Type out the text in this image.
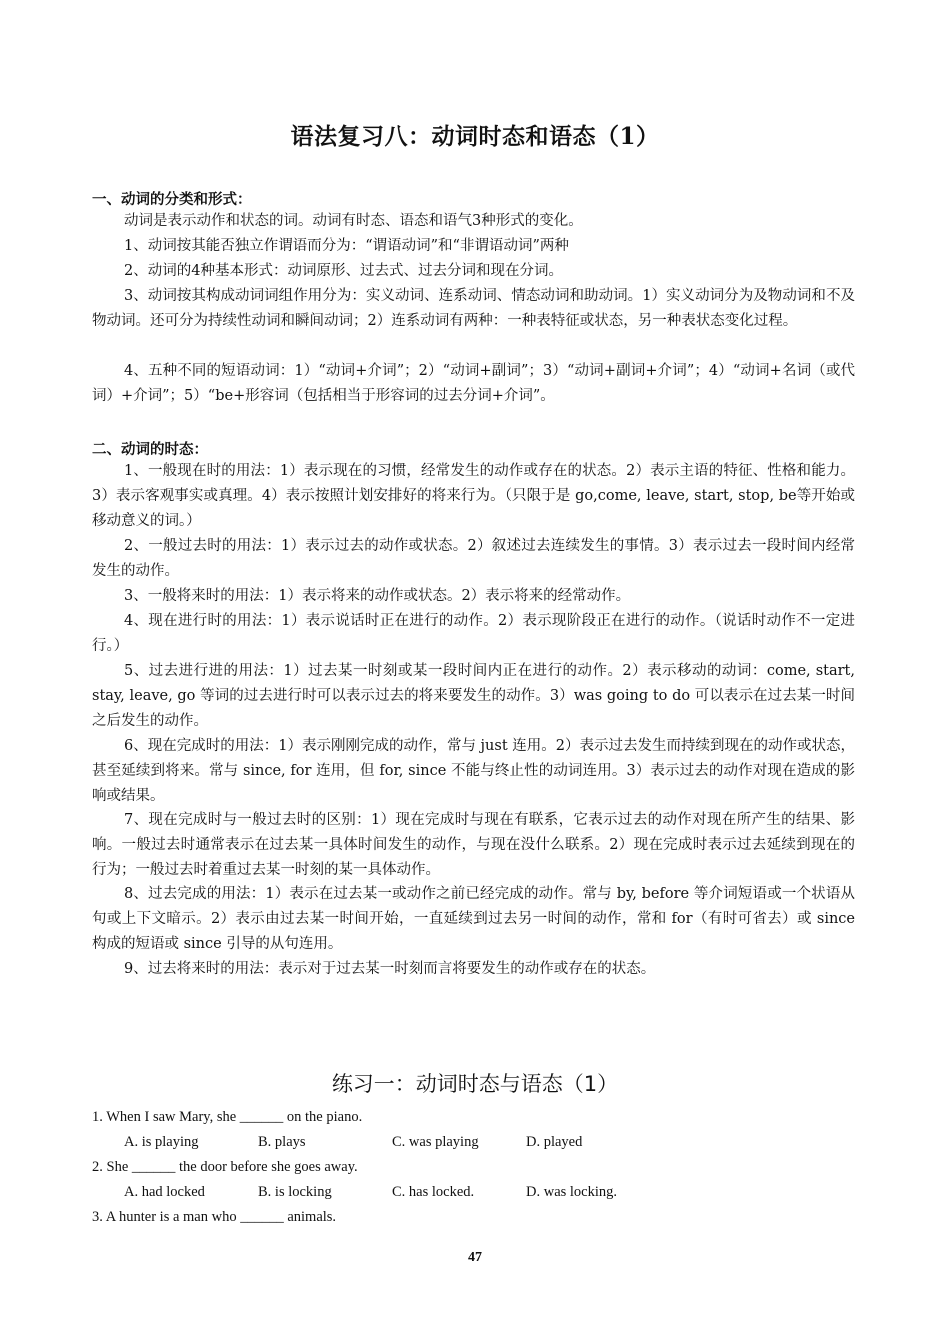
语法复习八：动词时态和语态（1）
一、动词的分类和形式：
动词是表示动作和状态的词。动词有时态、语态和语气3种形式的变化。
1、动词按其能否独立作谓语而分为：“谓语动词”和“非谓语动词”两种
2、动词的4种基本形式：动词原形、过去式、过去分词和现在分词。
3、动词按其构成动词词组作用分为：实义动词、连系动词、情态动词和助动词。1）实义动词分为及物动词和不及物动词。还可分为持续性动词和瞬间动词；2）连系动词有两种：一种表特征或状态，另一种表状态变化过程。
4、五种不同的短语动词：1）“动词+介词”；2）“动词+副词”；3）“动词+副词+介词”；4）“动词+名词（或代词）+介词”；5）“be+形容词（包括相当于形容词的过去分词+介词”。
二、动词的时态：
1、一般现在时的用法：1）表示现在的习惯，经常发生的动作或存在的状态。2）表示主语的特征、性格和能力。3）表示客观事实或真理。4）表示按照计划安排好的将来行为。（只限于是 go,come, leave, start, stop, be等开始或移动意义的词。）
2、一般过去时的用法：1）表示过去的动作或状态。2）叙述过去连续发生的事情。3）表示过去一段时间内经常发生的动作。
3、一般将来时的用法：1）表示将来的动作或状态。2）表示将来的经常动作。
4、现在进行时的用法：1）表示说话时正在进行的动作。2）表示现阶段正在进行的动作。（说话时动作不一定进行。）
5、过去进行进的用法：1）过去某一时刻或某一段时间内正在进行的动作。2）表示移动的动词：come, start, stay, leave, go 等词的过去进行时可以表示过去的将来要发生的动作。3）was going to do 可以表示在过去某一时间之后发生的动作。
6、现在完成时的用法：1）表示刚刚完成的动作，常与 just 连用。2）表示过去发生而持续到现在的动作或状态，甚至延续到将来。常与 since, for 连用，但 for, since 不能与终止性的动词连用。3）表示过去的动作对现在造成的影响或结果。
7、现在完成时与一般过去时的区别：1）现在完成时与现在有联系，它表示过去的动作对现在所产生的结果、影响。一般过去时通常表示在过去某一具体时间发生的动作，与现在没什么联系。2）现在完成时表示过去延续到现在的行为；一般过去时着重过去某一时刻的某一具体动作。
8、过去完成的用法：1）表示在过去某一或动作之前已经完成的动作。常与 by, before 等介词短语或一个状语从句或上下文暗示。2）表示由过去某一时间开始，一直延续到过去另一时间的动作，常和 for（有时可省去）或 since 构成的短语或 since 引导的从句连用。
9、过去将来时的用法：表示对于过去某一时刻而言将要发生的动作或存在的状态。
练习一：动词时态与语态（1）
1. When I saw Mary, she ______ on the piano.
A. is playing	B. plays	C. was playing	D. played
2. She ______ the door before she goes away.
A. had locked	B. is locking	C. has locked.	D. was locking.
3. A hunter is a man who ______ animals.
47
